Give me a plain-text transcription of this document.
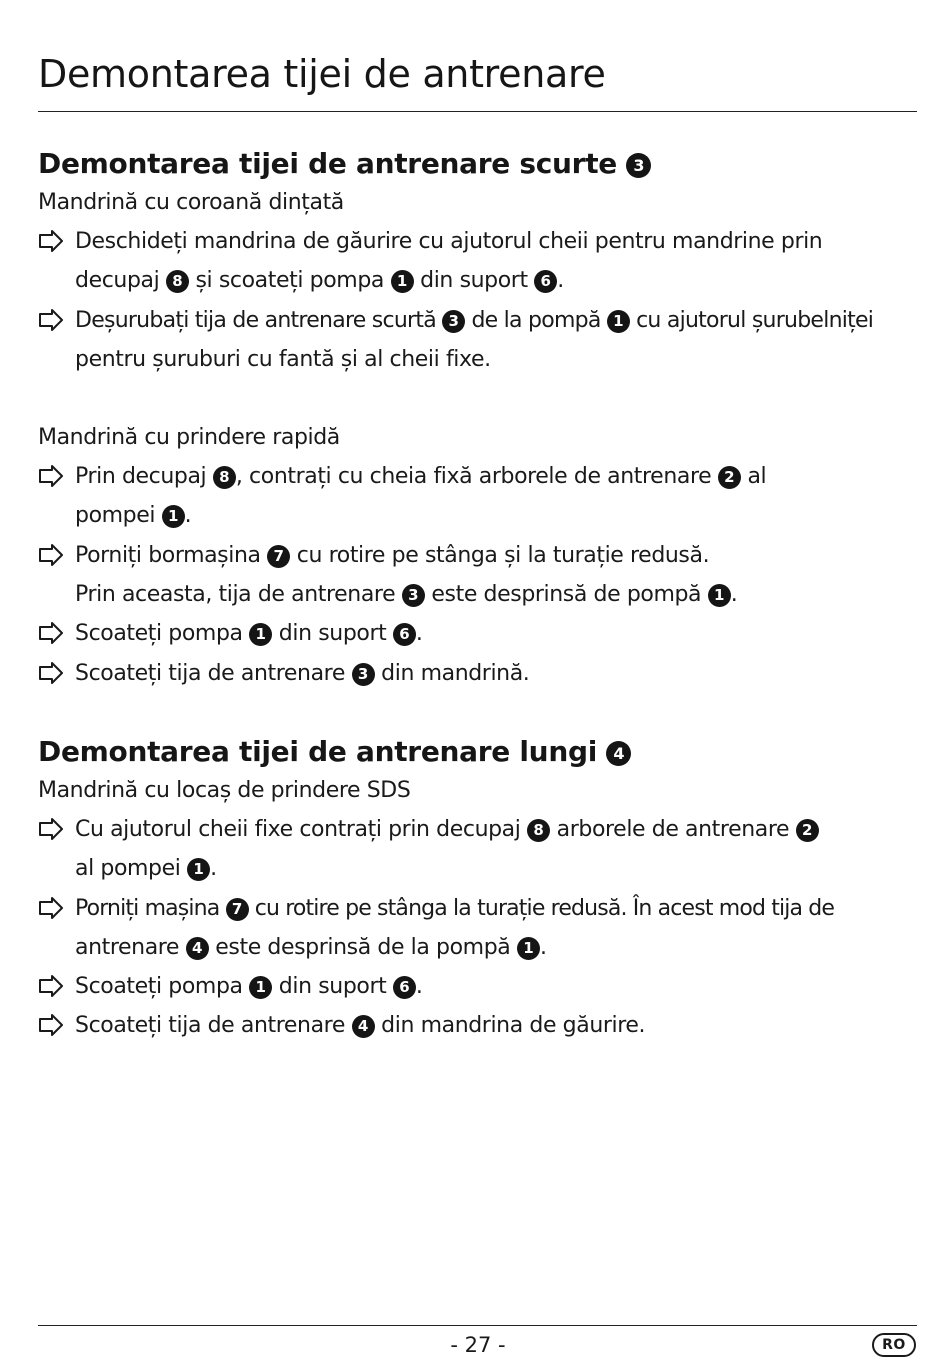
Demontarea tijei de antrenare
Demontarea tijei de antrenare scurte 3

Mandrină cu coroană dințată

Deschideți mandrina de găurire cu ajutorul cheii pentru mandrine prin
decupaj 8 și scoateți pompa 1 din suport 6 .
Deșurubați tija de antrenare scurtă 3 de la pompă 1 cu ajutorul șurubelniței
pentru șuruburi cu fantă și al cheii fixe.

Mandrină cu prindere rapidă

Prin decupaj 8 , contrați cu cheia fixă arborele de antrenare 2 al
pompei 1 .
Porniți bormașina 7 cu rotire pe stânga și la turație redusă.
Prin aceasta, tija de antrenare 3 este desprinsă de pompă 1 .
Scoateți pompa 1 din suport 6 .
Scoateți tija de antrenare 3 din mandrină.
Demontarea tijei de antrenare lungi 4

Mandrină cu locaș de prindere SDS

Cu ajutorul cheii fixe contrați prin decupaj 8 arborele de antrenare 2
al pompei 1 .
Porniți mașina 7 cu rotire pe stânga la turație redusă. În acest mod tija de
antrenare 4 este desprinsă de la pompă 1 .
Scoateți pompa 1 din suport 6 .
Scoateți tija de antrenare 4 din mandrina de găurire.
- 27 -	RO
